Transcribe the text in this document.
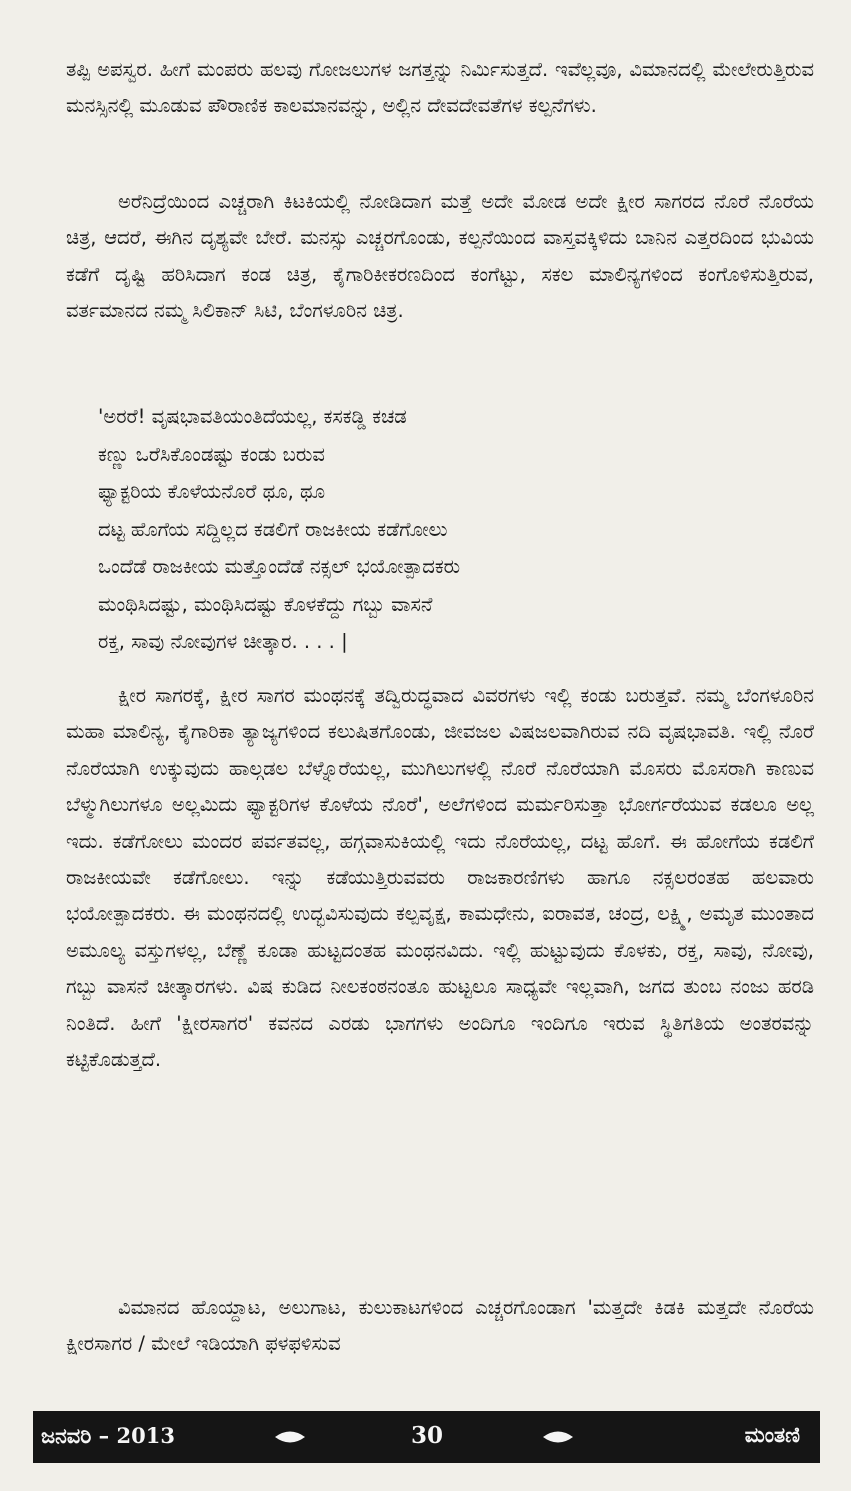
ತಪ್ಪಿ ಅಪಸ್ವರ. ಹೀಗೆ ಮಂಪರು ಹಲವು ಗೋಜಲುಗಳ ಜಗತ್ತನ್ನು ನಿರ್ಮಿಸುತ್ತದೆ. ಇವೆಲ್ಲವೂ, ವಿಮಾನದಲ್ಲಿ ಮೇಲೇರುತ್ತಿರುವ ಮನಸ್ಸಿನಲ್ಲಿ ಮೂಡುವ ಪೌರಾಣಿಕ ಕಾಲಮಾನವನ್ನು, ಅಲ್ಲಿನ ದೇವದೇವತೆಗಳ ಕಲ್ಪನೆಗಳು.

ಅರೆನಿದ್ರೆಯಿಂದ ಎಚ್ಚರಾಗಿ ಕಿಟಕಿಯಲ್ಲಿ ನೋಡಿದಾಗ ಮತ್ತೆ ಅದೇ ಮೋಡ ಅದೇ ಕ್ಷೀರ ಸಾಗರದ ನೊರೆ ನೊರೆಯ ಚಿತ್ರ, ಆದರೆ, ಈಗಿನ ದೃಶ್ಯವೇ ಬೇರೆ. ಮನಸ್ಸು ಎಚ್ಚರಗೊಂಡು, ಕಲ್ಪನೆಯಿಂದ ವಾಸ್ತವಕ್ಕಿಳಿದು ಬಾನಿನ ಎತ್ತರದಿಂದ ಭುವಿಯ ಕಡೆಗೆ ದೃಷ್ಟಿ ಹರಿಸಿದಾಗ ಕಂಡ ಚಿತ್ರ, ಕೈಗಾರಿಕೀಕರಣದಿಂದ ಕಂಗೆಟ್ಟು, ಸಕಲ ಮಾಲಿನ್ಯಗಳಿಂದ ಕಂಗೊಳಿಸುತ್ತಿರುವ, ವರ್ತಮಾನದ ನಮ್ಮ ಸಿಲಿಕಾನ್ ಸಿಟಿ, ಬೆಂಗಳೂರಿನ ಚಿತ್ರ.

'ಅರರೆ! ವೃಷಭಾವತಿಯಂತಿದೆಯಲ್ಲ, ಕಸಕಡ್ಡಿ ಕಚಡ

ಕಣ್ಣು ಒರೆಸಿಕೊಂಡಷ್ಟು ಕಂಡು ಬರುವ

ಫ್ಯಾಕ್ಟರಿಯ ಕೊಳೆಯನೊರೆ ಥೂ, ಥೂ

ದಟ್ಟ ಹೊಗೆಯ ಸದ್ದಿಲ್ಲದ ಕಡಲಿಗೆ ರಾಜಕೀಯ ಕಡೆಗೋಲು

ಒಂದೆಡೆ ರಾಜಕೀಯ ಮತ್ತೊಂದೆಡೆ ನಕ್ಸಲ್ ಭಯೋತ್ಪಾದಕರು

ಮಂಥಿಸಿದಷ್ಟು, ಮಂಥಿಸಿದಷ್ಟು ಕೊಳಕೆದ್ದು ಗಬ್ಬು ವಾಸನೆ

ರಕ್ತ, ಸಾವು ನೋವುಗಳ ಚೀತ್ಕಾರ. . . . |

ಕ್ಷೀರ ಸಾಗರಕ್ಕೆ, ಕ್ಷೀರ ಸಾಗರ ಮಂಥನಕ್ಕೆ ತದ್ವಿರುದ್ಧವಾದ ವಿವರಗಳು ಇಲ್ಲಿ ಕಂಡು ಬರುತ್ತವೆ. ನಮ್ಮ ಬೆಂಗಳೂರಿನ ಮಹಾ ಮಾಲಿನ್ಯ, ಕೈಗಾರಿಕಾ ತ್ಯಾಜ್ಯಗಳಿಂದ ಕಲುಷಿತಗೊಂಡು, ಜೀವಜಲ ವಿಷಜಲವಾಗಿರುವ ನದಿ ವೃಷಭಾವತಿ. ಇಲ್ಲಿ ನೊರೆ ನೊರೆಯಾಗಿ ಉಕ್ಕುವುದು ಹಾಲ್ಗಡಲ ಬೆಳ್ನೊರೆಯಲ್ಲ, ಮುಗಿಲುಗಳಲ್ಲಿ ನೊರೆ ನೊರೆಯಾಗಿ ಮೊಸರು ಮೊಸರಾಗಿ ಕಾಣುವ ಬೆಳ್ಮುಗಿಲುಗಳೂ ಅಲ್ಲಮಿದು ಫ್ಯಾಕ್ಟರಿಗಳ ಕೊಳೆಯ ನೊರೆ', ಅಲೆಗಳಿಂದ ಮರ್ಮರಿಸುತ್ತಾ ಭೋರ್ಗರೆಯುವ ಕಡಲೂ ಅಲ್ಲ ಇದು. ಕಡೆಗೋಲು ಮಂದರ ಪರ್ವತವಲ್ಲ, ಹಗ್ಗವಾಸುಕಿಯಲ್ಲಿ ಇದು ನೊರೆಯಲ್ಲ, ದಟ್ಟ ಹೊಗೆ. ಈ ಹೋಗೆಯ ಕಡಲಿಗೆ ರಾಜಕೀಯವೇ ಕಡೆಗೋಲು. ಇನ್ನು ಕಡೆಯುತ್ತಿರುವವರು ರಾಜಕಾರಣಿಗಳು ಹಾಗೂ ನಕ್ಸಲರಂತಹ ಹಲವಾರು ಭಯೋತ್ಪಾದಕರು. ಈ ಮಂಥನದಲ್ಲಿ ಉದ್ಭವಿಸುವುದು ಕಲ್ಪವೃಕ್ಷ, ಕಾಮಧೇನು, ಐರಾವತ, ಚಂದ್ರ, ಲಕ್ಷ್ಮಿ, ಅಮೃತ ಮುಂತಾದ ಅಮೂಲ್ಯ ವಸ್ತುಗಳಲ್ಲ, ಬೆಣ್ಣೆ ಕೂಡಾ ಹುಟ್ಟದಂತಹ ಮಂಥನವಿದು. ಇಲ್ಲಿ ಹುಟ್ಟುವುದು ಕೊಳಕು, ರಕ್ತ, ಸಾವು, ನೋವು, ಗಬ್ಬು ವಾಸನೆ ಚೀತ್ಕಾರಗಳು. ವಿಷ ಕುಡಿದ ನೀಲಕಂಠನಂತೂ ಹುಟ್ಟಲೂ ಸಾಧ್ಯವೇ ಇಲ್ಲವಾಗಿ, ಜಗದ ತುಂಬ ನಂಜು ಹರಡಿ ನಿಂತಿದೆ. ಹೀಗೆ 'ಕ್ಷೀರಸಾಗರ' ಕವನದ ಎರಡು ಭಾಗಗಳು ಅಂದಿಗೂ ಇಂದಿಗೂ ಇರುವ ಸ್ಥಿತಿಗತಿಯ ಅಂತರವನ್ನು ಕಟ್ಟಿಕೊಡುತ್ತದೆ.

ವಿಮಾನದ ಹೊಯ್ದಾಟ, ಅಲುಗಾಟ, ಕುಲುಕಾಟಗಳಿಂದ ಎಚ್ಚರಗೊಂಡಾಗ 'ಮತ್ತದೇ ಕಿಡಕಿ ಮತ್ತದೇ ನೊರೆಯ ಕ್ಷೀರಸಾಗರ / ಮೇಲೆ ಇಡಿಯಾಗಿ ಫಳಫಳಿಸುವ

ಜನವರಿ – 2013	30	ಮಂತಣಿ
